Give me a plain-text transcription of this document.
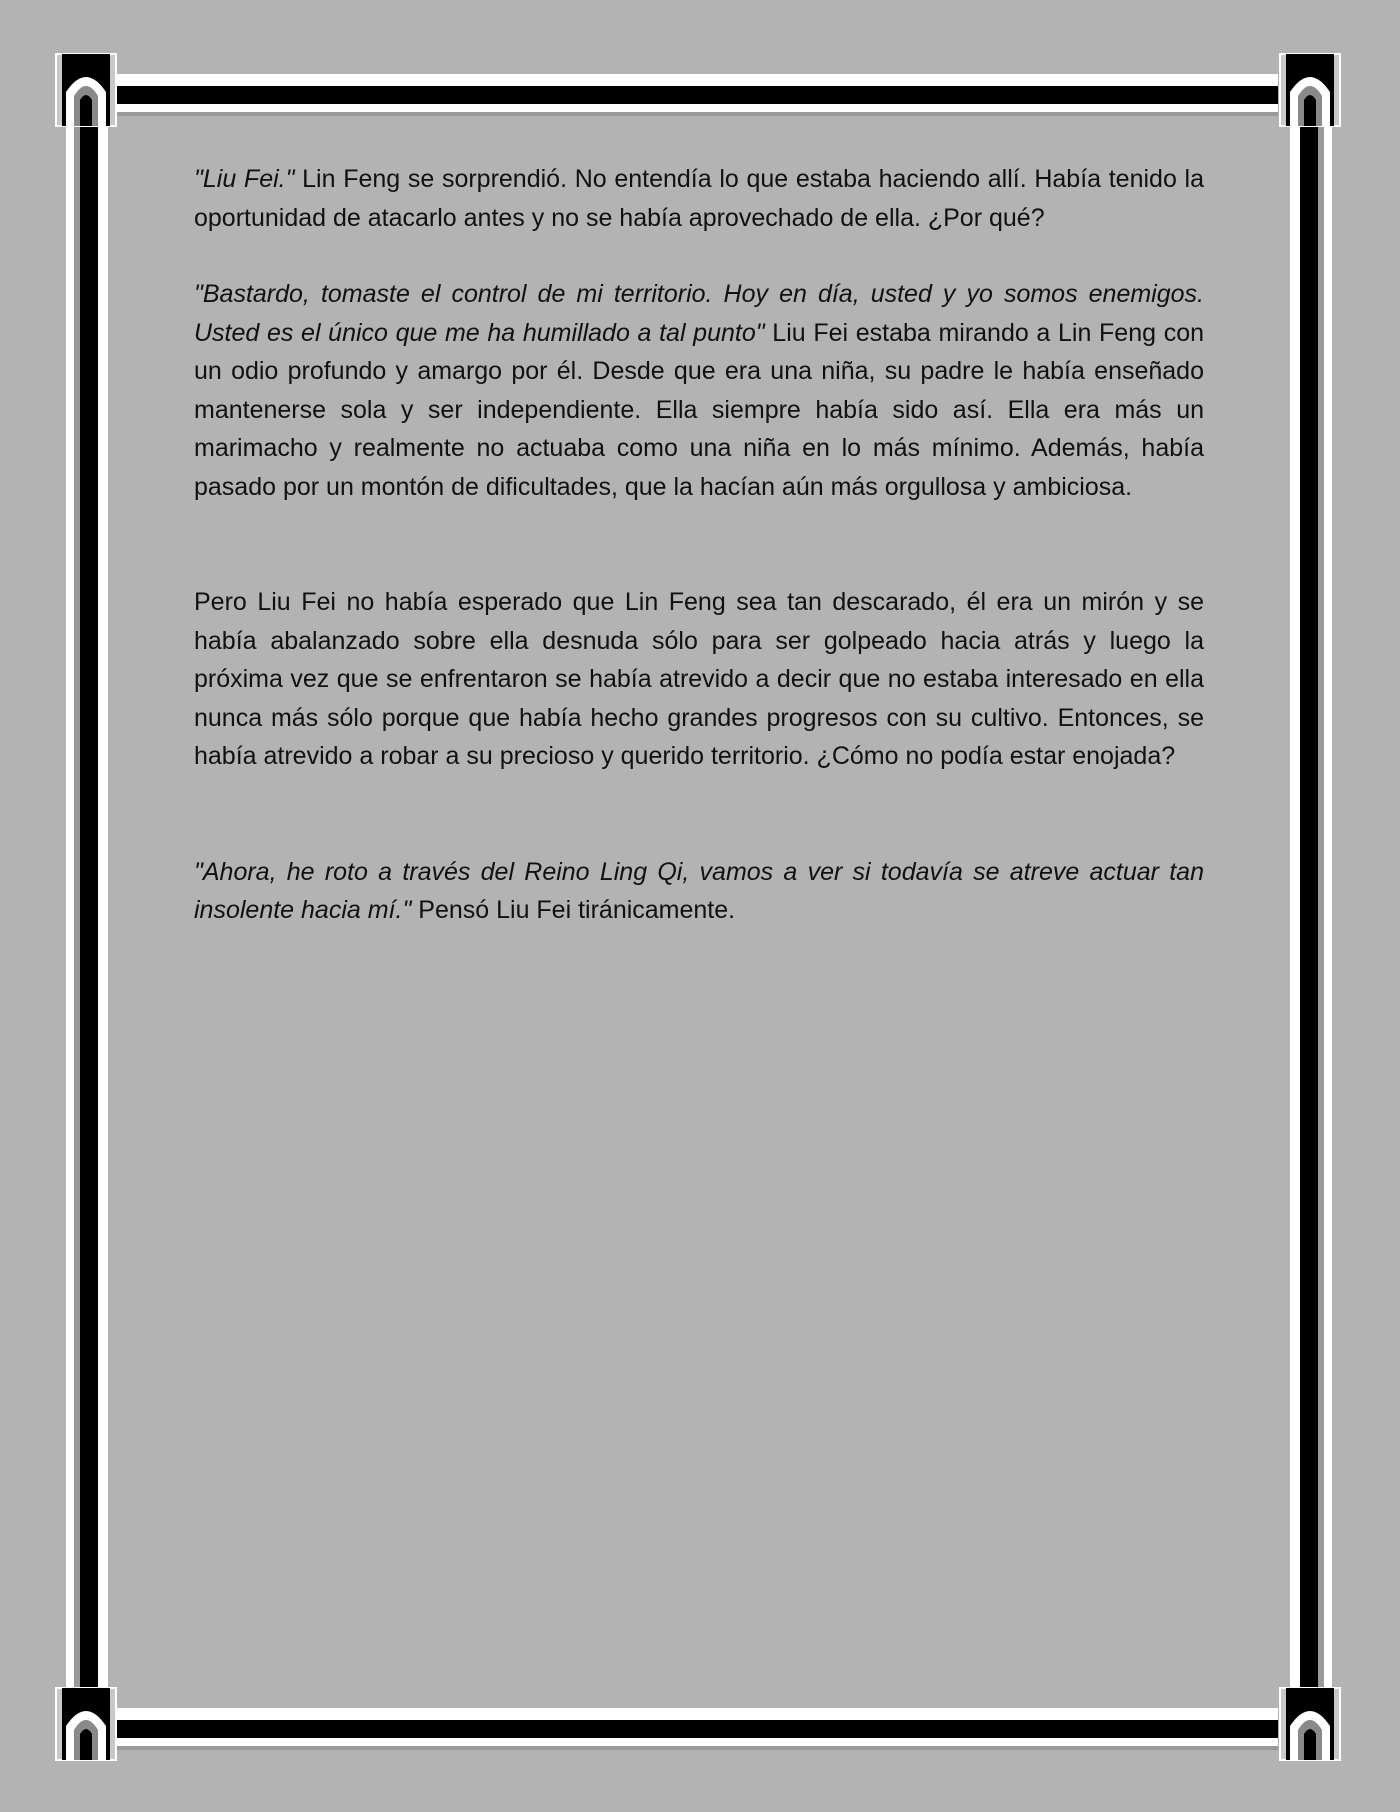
"Liu Fei." Lin Feng se sorprendió. No entendía lo que estaba haciendo allí. Había tenido la oportunidad de atacarlo antes y no se había aprovechado de ella. ¿Por qué?

"Bastardo, tomaste el control de mi territorio. Hoy en día, usted y yo somos enemigos. Usted es el único que me ha humillado a tal punto" Liu Fei estaba mirando a Lin Feng con un odio profundo y amargo por él. Desde que era una niña, su padre le había enseñado mantenerse sola y ser independiente. Ella siempre había sido así. Ella era más un marimacho y realmente no actuaba como una niña en lo más mínimo. Además, había pasado por un montón de dificultades, que la hacían aún más orgullosa y ambiciosa.

Pero Liu Fei no había esperado que Lin Feng sea tan descarado, él era un mirón y se había abalanzado sobre ella desnuda sólo para ser golpeado hacia atrás y luego la próxima vez que se enfrentaron se había atrevido a decir que no estaba interesado en ella nunca más sólo porque que había hecho grandes progresos con su cultivo. Entonces, se había atrevido a robar a su precioso y querido territorio. ¿Cómo no podía estar enojada?

"Ahora, he roto a través del Reino Ling Qi, vamos a ver si todavía se atreve actuar tan insolente hacia mí." Pensó Liu Fei tiránicamente.
